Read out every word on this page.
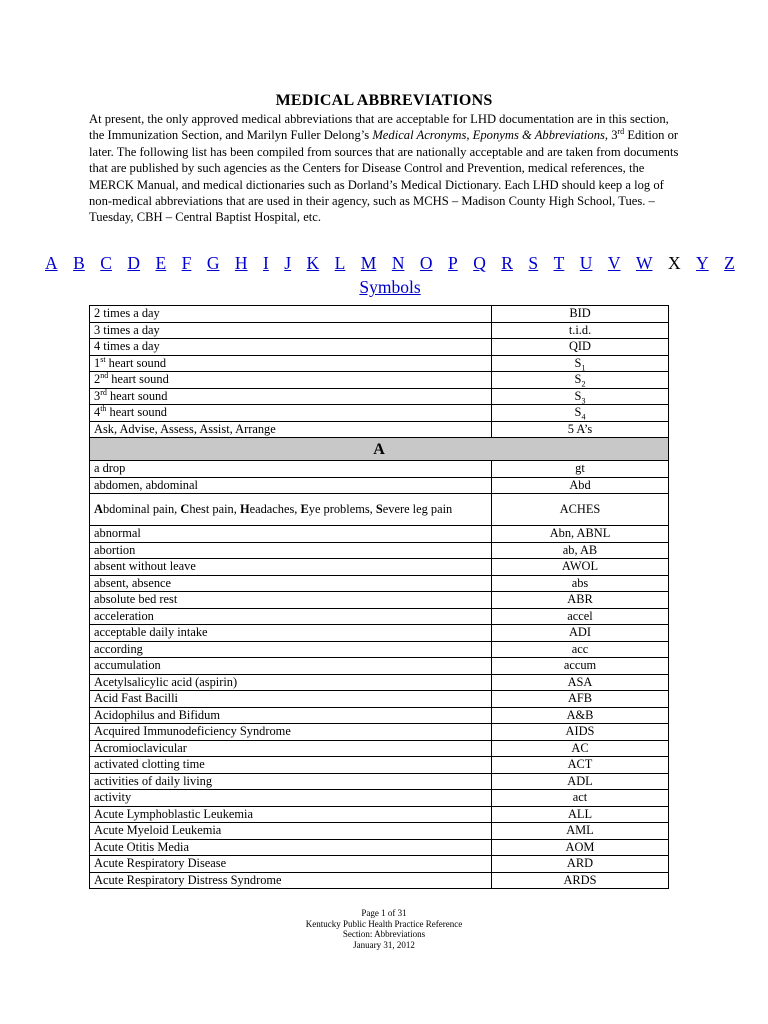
MEDICAL ABBREVIATIONS
At present, the only approved medical abbreviations that are acceptable for LHD documentation are in this section, the Immunization Section, and Marilyn Fuller Delong’s Medical Acronyms, Eponyms & Abbreviations, 3rd Edition or later. The following list has been compiled from sources that are nationally acceptable and are taken from documents that are published by such agencies as the Centers for Disease Control and Prevention, medical references, the MERCK Manual, and medical dictionaries such as Dorland’s Medical Dictionary. Each LHD should keep a log of non-medical abbreviations that are used in their agency, such as MCHS – Madison County High School, Tues. – Tuesday, CBH – Central Baptist Hospital, etc.
A B C D E F G H I J K L M N O P Q R S T U V W X Y Z
Symbols
2 times a day	BID
3 times a day	t.i.d.
4 times a day	QID
1st heart sound	$S_1$
2nd heart sound	$S_2$
3rd heart sound	$S_3$
4th heart sound	$S_4$
Ask, Advise, Assess, Assist, Arrange	5 A’s
A	
a drop	gt
abdomen, abdominal	Abd
Abdominal pain, Chest pain, Headaches, Eye problems, Severe leg pain	ACHES
abnormal	Abn, ABNL
abortion	ab, AB
absent without leave	AWOL
absent, absence	abs
absolute bed rest	ABR
acceleration	accel
acceptable daily intake	ADI
according	acc
accumulation	accum
Acetylsalicylic acid (aspirin)	ASA
Acid Fast Bacilli	AFB
Acidophilus and Bifidum	A&B
Acquired Immunodeficiency Syndrome	AIDS
Acromioclavicular	AC
activated clotting time	ACT
activities of daily living	ADL
activity	act
Acute Lymphoblastic Leukemia	ALL
Acute Myeloid Leukemia	AML
Acute Otitis Media	AOM
Acute Respiratory Disease	ARD
Acute Respiratory Distress Syndrome	ARDS
Page 1 of 31
Kentucky Public Health Practice Reference
Section: Abbreviations
January 31, 2012
